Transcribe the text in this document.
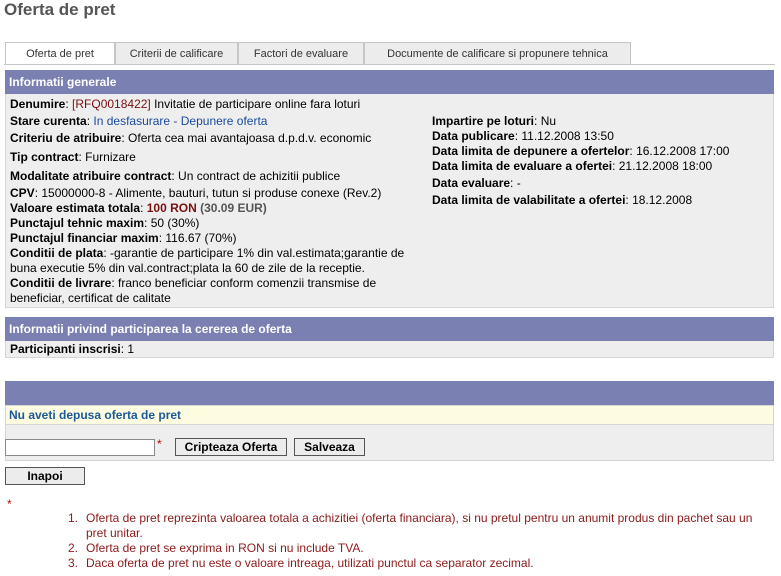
Oferta de pret
Oferta de pret	Criterii de calificare	Factori de evaluare	Documente de calificare si propunere tehnica
Informatii generale
Denumire: [RFQ0018422] Invitatie de participare online fara loturi
Stare curenta: In desfasurare - Depunere oferta
Criteriu de atribuire: Oferta cea mai avantajoasa d.p.d.v. economic
Tip contract: Furnizare
Modalitate atribuire contract: Un contract de achizitii publice
CPV: 15000000-8 - Alimente, bauturi, tutun si produse conexe (Rev.2)
Valoare estimata totala: 100 RON (30.09 EUR)
Punctajul tehnic maxim: 50 (30%)
Punctajul financiar maxim: 116.67 (70%)
Conditii de plata: -garantie de participare 1% din val.estimata;garantie de buna executie 5% din val.contract;plata la 60 de zile de la receptie.
Conditii de livrare: franco beneficiar conform comenzii transmise de beneficiar, certificat de calitate
Impartire pe loturi: Nu
Data publicare: 11.12.2008 13:50
Data limita de depunere a ofertelor: 16.12.2008 17:00
Data limita de evaluare a ofertei: 21.12.2008 18:00
Data evaluare: -
Data limita de valabilitate a ofertei: 18.12.2008
Informatii privind participarea la cererea de oferta
Participanti inscrisi: 1
Nu aveti depusa oferta de pret
*	Cripteaza Oferta	Salveaza
Inapoi
*
1. Oferta de pret reprezinta valoarea totala a achizitiei (oferta financiara), si nu pretul pentru un anumit produs din pachet sau un pret unitar.
2. Oferta de pret se exprima in RON si nu include TVA.
3. Daca oferta de pret nu este o valoare intreaga, utilizati punctul ca separator zecimal.
